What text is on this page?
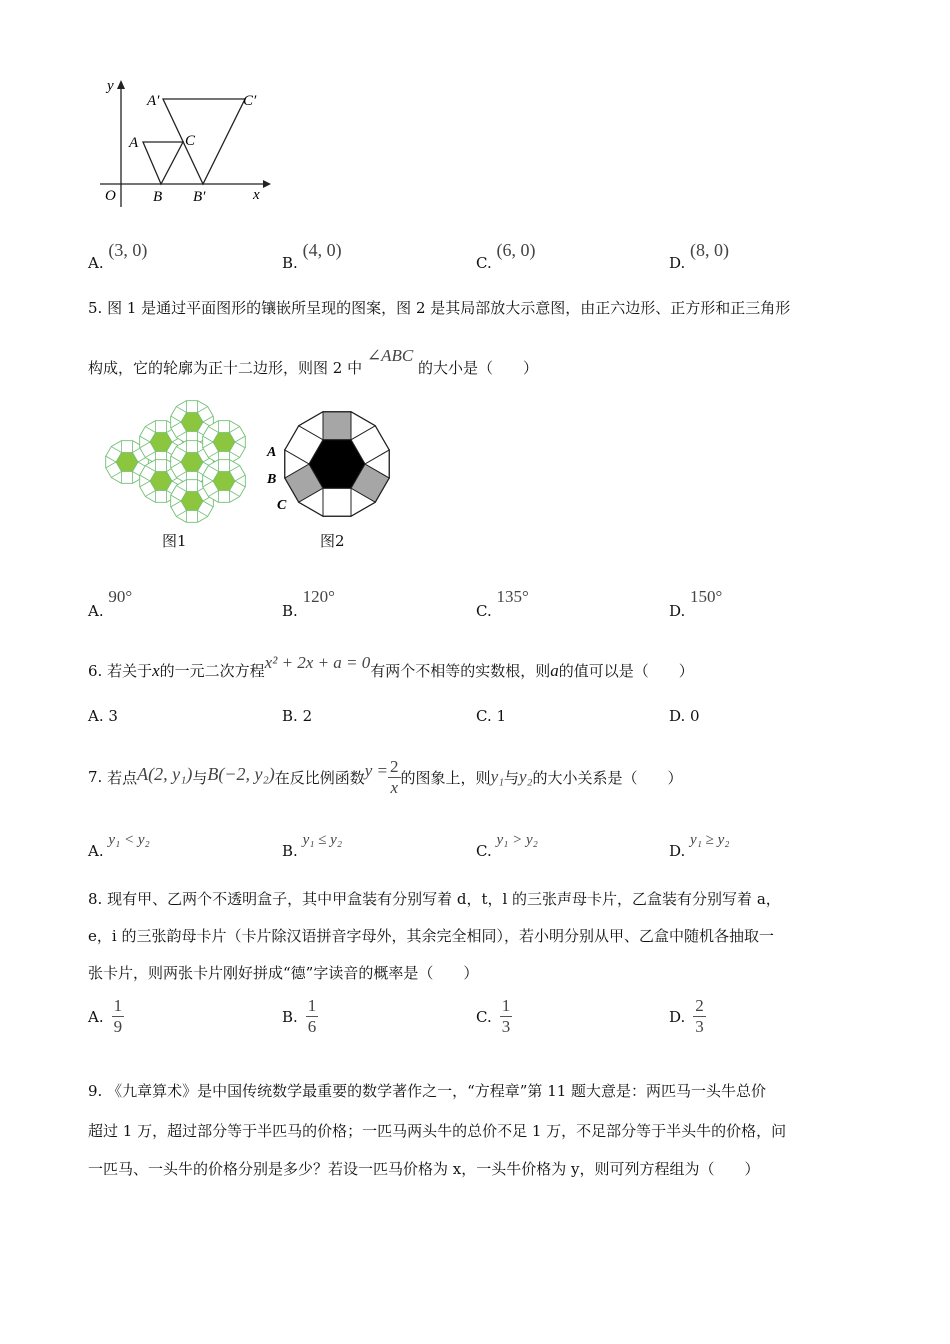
y
x
O
A
B
C
A′
B′
C′
A. (3, 0)
B. (4, 0)
C. (6, 0)
D. (8, 0)
5. 图 1 是通过平面图形的镶嵌所呈现的图案，图 2 是其局部放大示意图，由正六边形、正方形和正三角形
构成，它的轮廓为正十二边形，则图 2 中 ∠ABC 的大小是（　　）
图1
A
B
C
图2
A. 90°
B. 120°
C. 135°
D. 150°
6. 若关于x的一元二次方程x² + 2x + a = 0有两个不相等的实数根，则a的值可以是（　　）
A. 3	B. 2	C. 1	D. 0
7.
若点 A(2, y₁) 与 B(−2, y₂) 在反比例函数 $y = \frac{2}{x}$ 的图象上，则 y₁ 与 y₂ 的大小关系是（　　）
A. y₁ < y₂
B. y₁ ≤ y₂
C. y₁ > y₂
D. y₁ ≥ y₂
8. 现有甲、乙两个不透明盒子，其中甲盒装有分别写着 d，t，l 的三张声母卡片，乙盒装有分别写着 a，
e，i 的三张韵母卡片（卡片除汉语拼音字母外，其余完全相同），若小明分别从甲、乙盒中随机各抽取一
张卡片，则两张卡片刚好拼成“德”字读音的概率是（　　）
A. $\frac{1}{9}$	B. $\frac{1}{6}$	C. $\frac{1}{3}$	D. $\frac{2}{3}$
9. 《九章算术》是中国传统数学最重要的数学著作之一，“方程章”第 11 题大意是：两匹马一头牛总价
超过 1 万，超过部分等于半匹马的价格；一匹马两头牛的总价不足 1 万，不足部分等于半头牛的价格，问
一匹马、一头牛的价格分别是多少？若设一匹马价格为 x，一头牛价格为 y，则可列方程组为（　　）
